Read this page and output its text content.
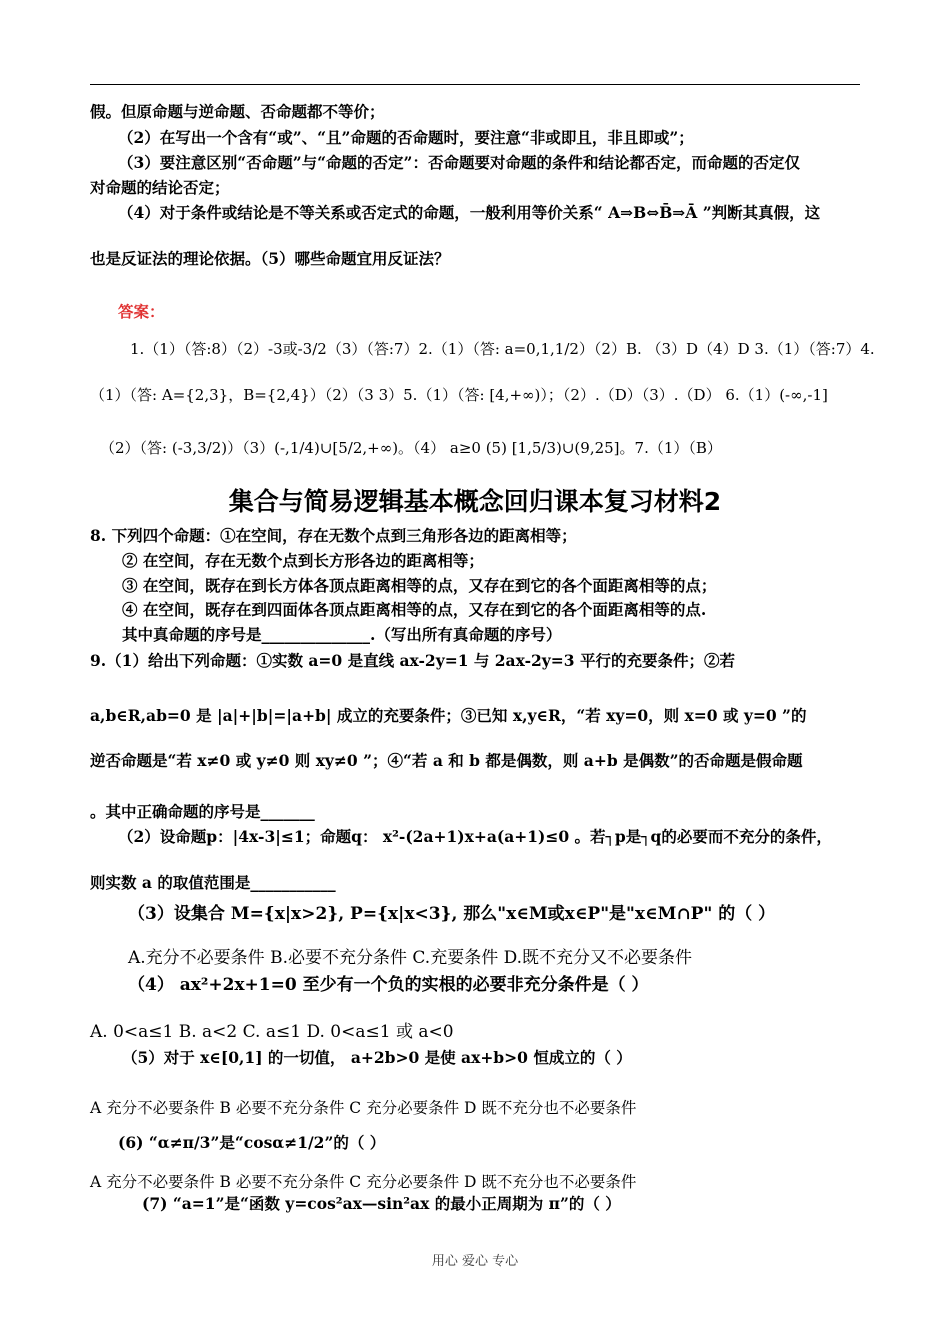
假。但原命题与逆命题、否命题都不等价；
（2）在写出一个含有“或”、“且”命题的否命题时，要注意“非或即且，非且即或”；
（3）要注意区别“否命题”与“命题的否定”：否命题要对命题的条件和结论都否定，而命题的否定仅
对命题的结论否定；
（4）对于条件或结论是不等关系或否定式的命题，一般利用等价关系“ A⇒B⇔B̄⇒Ā ”判断其真假，这
也是反证法的理论依据。（5）哪些命题宜用反证法？
答案：
1.（1）（答:8）（2）-3或-3/2（3）（答:7）2.（1）（答: a=0,1,1/2）（2）B. （3）D（4）D 3.（1）（答:7）4.
（1）（答: A={2,3}，B={2,4}）（2）（3 3）5.（1）（答: [4,+∞)）；（2）.（D）（3）.（D） 6.（1）(-∞,-1]
（2）（答: (-3,3/2)）（3）(-,1/4)∪[5/2,+∞)。（4） a≥0 (5) [1,5/3)∪(9,25]。7.（1）（B）
集合与简易逻辑基本概念回归课本复习材料2
8. 下列四个命题：①在空间，存在无数个点到三角形各边的距离相等；
② 在空间，存在无数个点到长方形各边的距离相等；
③ 在空间，既存在到长方体各顶点距离相等的点，又存在到它的各个面距离相等的点；
④ 在空间，既存在到四面体各顶点距离相等的点，又存在到它的各个面距离相等的点.
其中真命题的序号是______________.（写出所有真命题的序号）
9.（1）给出下列命题：①实数 a=0 是直线 ax-2y=1 与 2ax-2y=3 平行的充要条件；②若
a,b∈R,ab=0 是 |a|+|b|=|a+b| 成立的充要条件；③已知 x,y∈R，“若 xy=0，则 x=0 或 y=0 ”的
逆否命题是“若 x≠0 或 y≠0 则 xy≠0 ”；④“若 a 和 b 都是偶数，则 a+b 是偶数”的否命题是假命题
。其中正确命题的序号是_______
（2）设命题p：|4x-3|≤1；命题q： x²-(2a+1)x+a(a+1)≤0 。若┐p是┐q的必要而不充分的条件，
则实数 a 的取值范围是___________
（3）设集合 M={x|x>2}, P={x|x<3}, 那么"x∈M或x∈P"是"x∈M∩P" 的（ ）
A.充分不必要条件 B.必要不充分条件 C.充要条件 D.既不充分又不必要条件
（4） ax²+2x+1=0 至少有一个负的实根的必要非充分条件是（ ）
A. 0<a≤1 B. a<2 C. a≤1 D. 0<a≤1 或 a<0
（5）对于 x∈[0,1] 的一切值， a+2b>0 是使 ax+b>0 恒成立的（ ）
A 充分不必要条件 B 必要不充分条件 C 充分必要条件 D 既不充分也不必要条件
(6) “α≠π/3”是“cosα≠1/2”的（ ）
A 充分不必要条件 B 必要不充分条件 C 充分必要条件 D 既不充分也不必要条件
(7) “a=1”是“函数 y=cos²ax—sin²ax 的最小正周期为 π”的（ ）
用心 爱心 专心
